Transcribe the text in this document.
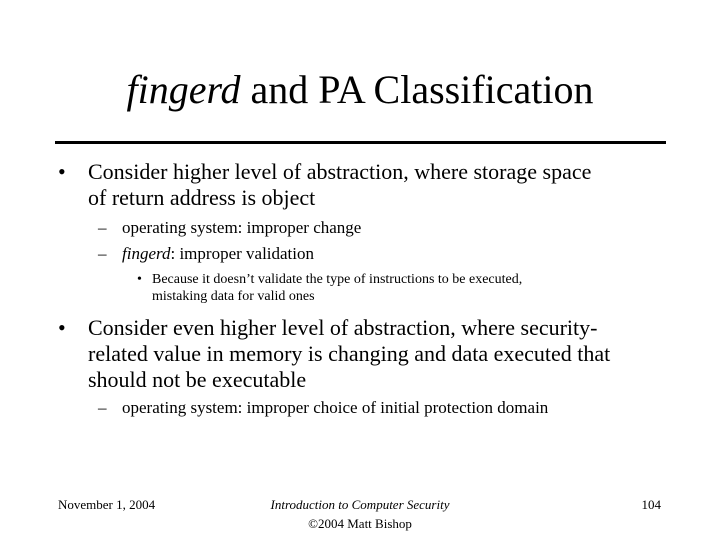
fingerd and PA Classification
• Consider higher level of abstraction, where storage space
of return address is object
– operating system: improper change
– fingerd: improper validation
• Because it doesn’t validate the type of instructions to be executed,
mistaking data for valid ones
• Consider even higher level of abstraction, where security-
related value in memory is changing and data executed that
should not be executable
– operating system: improper choice of initial protection domain
November 1, 2004	Introduction to Computer Security
©2004 Matt Bishop
104
